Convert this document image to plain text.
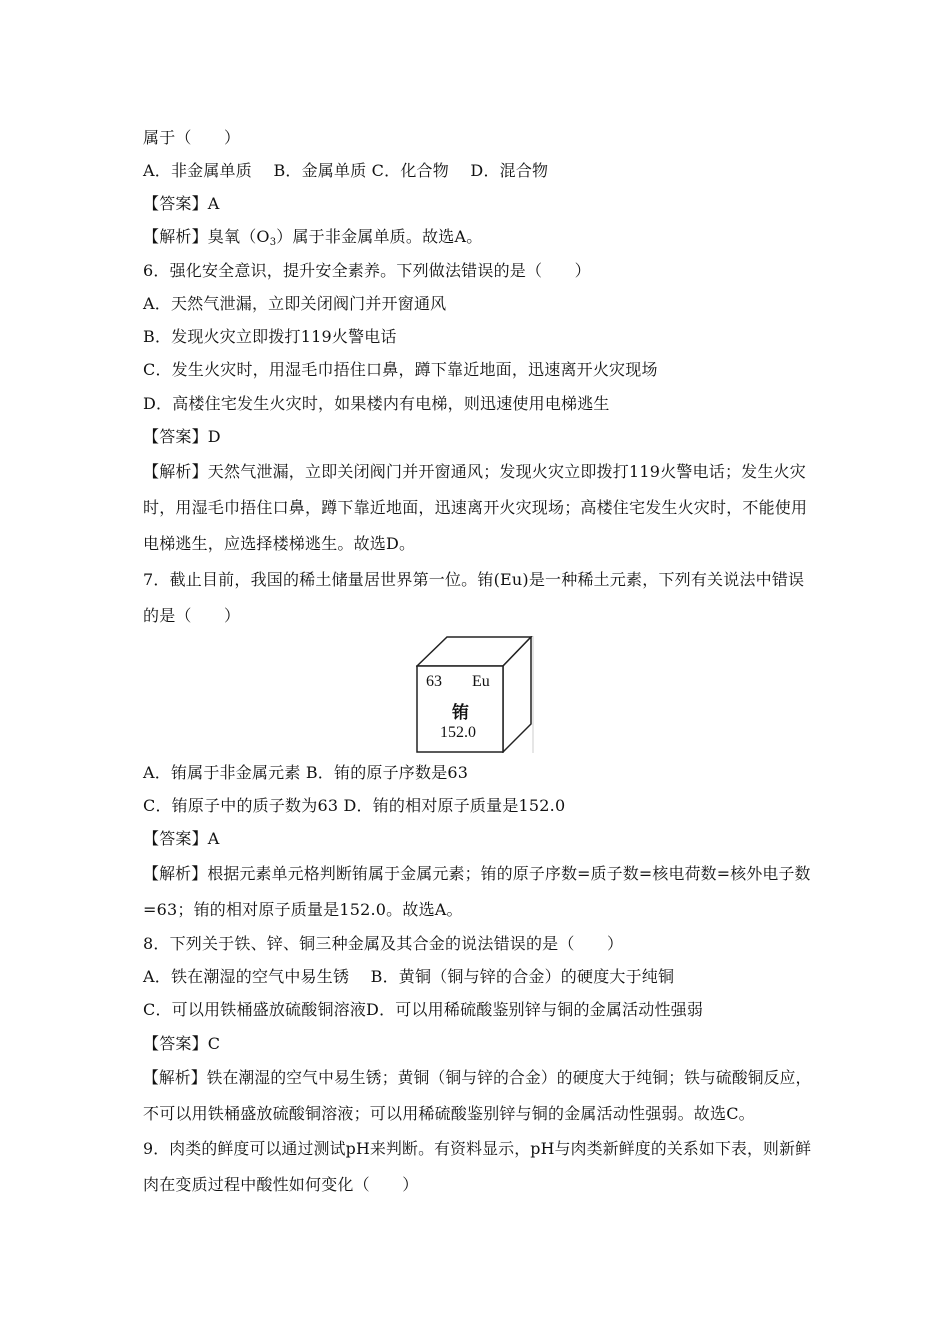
属于（　　）
A．非金属单质　 B．金属单质 C．化合物　 D．混合物
【答案】A
【解析】臭氧$(O_3)$属于非金属单质。故选A。
6．强化安全意识，提升安全素养。下列做法错误的是（　　）
A．天然气泄漏，立即关闭阀门并开窗通风
B．发现火灾立即拨打119火警电话
C．发生火灾时，用湿毛巾捂住口鼻，蹲下靠近地面，迅速离开火灾现场
D．高楼住宅发生火灾时，如果楼内有电梯，则迅速使用电梯逃生
【答案】D
【解析】天然气泄漏，立即关闭阀门并开窗通风；发现火灾立即拨打119火警电话；发生火灾
时，用湿毛巾捂住口鼻，蹲下靠近地面，迅速离开火灾现场；高楼住宅发生火灾时，不能使用
电梯逃生，应选择楼梯逃生。故选D。
7．截止目前，我国的稀土储量居世界第一位。铕(Eu)是一种稀土元素，下列有关说法中错误
的是（　　）
63 Eu
铕
152.0
A．铕属于非金属元素 B．铕的原子序数是63
C．铕原子中的质子数为63 D．铕的相对原子质量是152.0
【答案】A
【解析】根据元素单元格判断铕属于金属元素；铕的原子序数=质子数=核电荷数=核外电子数
=63；铕的相对原子质量是152.0。故选A。
8．下列关于铁、锌、铜三种金属及其合金的说法错误的是（　　）
A．铁在潮湿的空气中易生锈　 B．黄铜（铜与锌的合金）的硬度大于纯铜
C．可以用铁桶盛放硫酸铜溶液D．可以用稀硫酸鉴别锌与铜的金属活动性强弱
【答案】C
【解析】铁在潮湿的空气中易生锈；黄铜（铜与锌的合金）的硬度大于纯铜；铁与硫酸铜反应，
不可以用铁桶盛放硫酸铜溶液；可以用稀硫酸鉴别锌与铜的金属活动性强弱。故选C。
9．肉类的鲜度可以通过测试pH来判断。有资料显示，pH与肉类新鲜度的关系如下表，则新鲜
肉在变质过程中酸性如何变化（　　）
